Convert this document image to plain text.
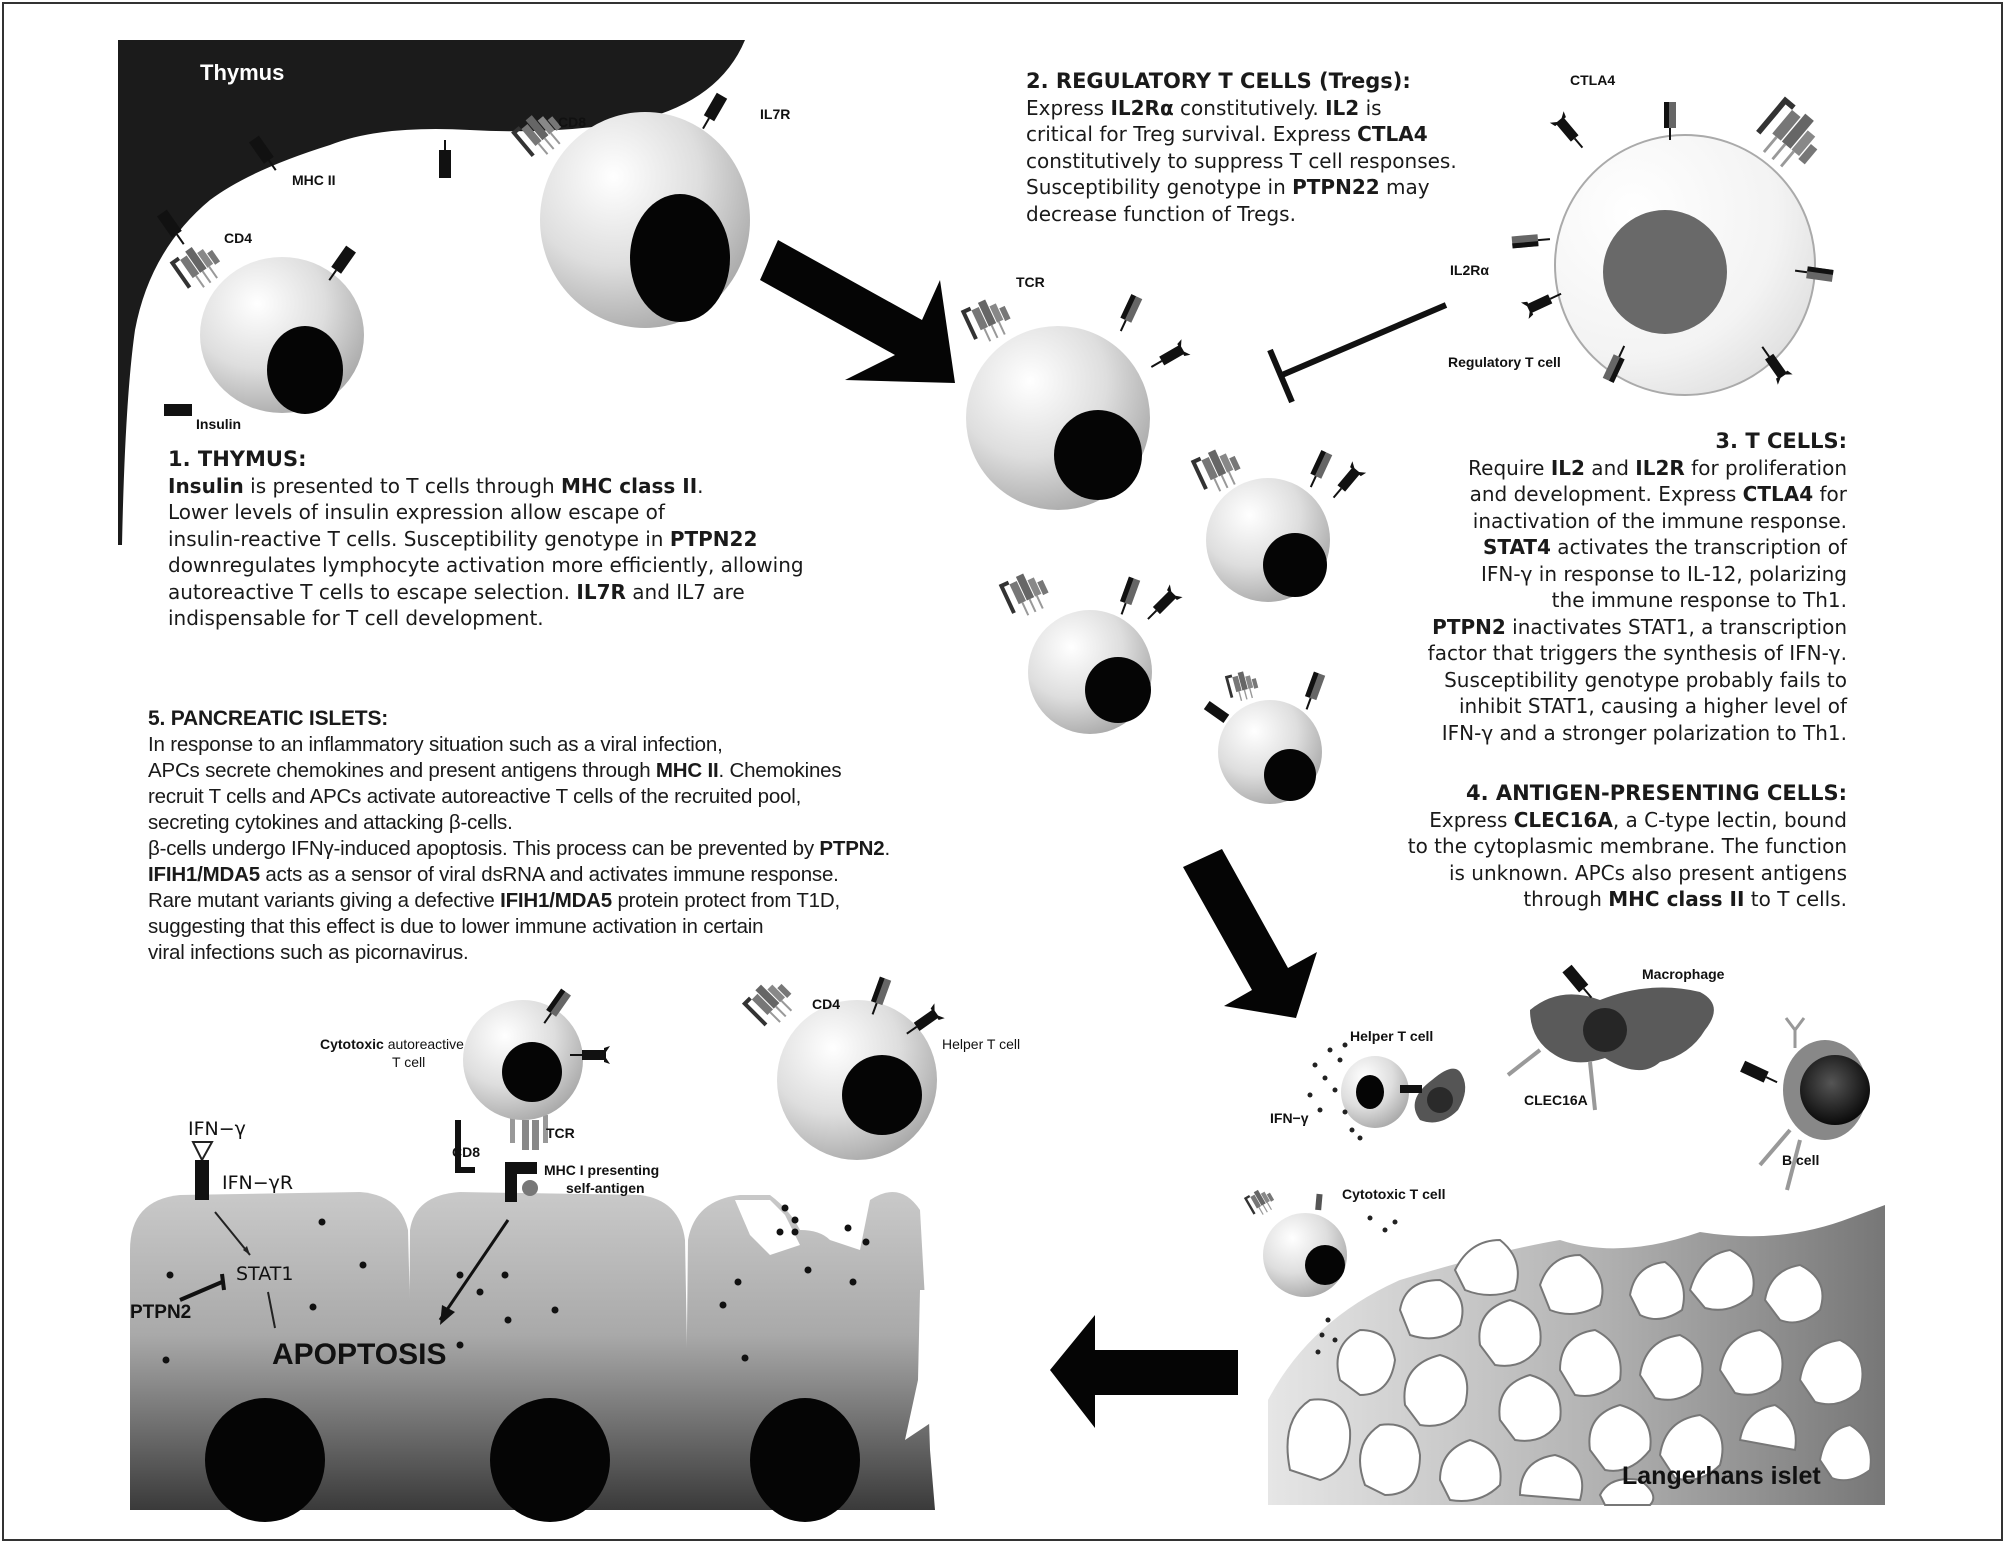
Thymus
MHC II
CD4
CD8	IL7R
Insulin
TCR
CTLA4
IL2Rα
Regulatory T cell
CD4
Helper T cell
Cytotoxic autoreactive
T cell
IFN−γ
IFN−γR
STAT1
PTPN2
APOPTOSIS
CD8
TCR
MHC I presenting
self-antigen
Helper T cell
IFN−γ
Macrophage
CLEC16A
B cell
Cytotoxic T cell
Langerhans islet
1. THYMUS:
Insulin is presented to T cells through MHC class II.
Lower levels of insulin expression allow escape of
insulin-reactive T cells. Susceptibility genotype in PTPN22
downregulates lymphocyte activation more efficiently, allowing
autoreactive T cells to escape selection. IL7R and IL7 are
indispensable for T cell development.
2. REGULATORY T CELLS (Tregs):
Express IL2Rα constitutively. IL2 is
critical for Treg survival. Express CTLA4
constitutively to suppress T cell responses.
Susceptibility genotype in PTPN22 may
decrease function of Tregs.
3. T CELLS:
Require IL2 and IL2R for proliferation
and development. Express CTLA4 for
inactivation of the immune response.
STAT4 activates the transcription of
IFN-γ in response to IL-12, polarizing
the immune response to Th1.
PTPN2 inactivates STAT1, a transcription
factor that triggers the synthesis of IFN-γ.
Susceptibility genotype probably fails to
inhibit STAT1, causing a higher level of
IFN-γ and a stronger polarization to Th1.
4. ANTIGEN-PRESENTING CELLS:
Express CLEC16A, a C-type lectin, bound
to the cytoplasmic membrane. The function
is unknown. APCs also present antigens
through MHC class II to T cells.
5. PANCREATIC ISLETS:
In response to an inflammatory situation such as a viral infection,
APCs secrete chemokines and present antigens through MHC II. Chemokines
recruit T cells and APCs activate autoreactive T cells of the recruited pool,
secreting cytokines and attacking β-cells.
β-cells undergo IFNγ-induced apoptosis. This process can be prevented by PTPN2.
IFIH1/MDA5 acts as a sensor of viral dsRNA and activates immune response.
Rare mutant variants giving a defective IFIH1/MDA5 protein protect from T1D,
suggesting that this effect is due to lower immune activation in certain
viral infections such as picornavirus.
